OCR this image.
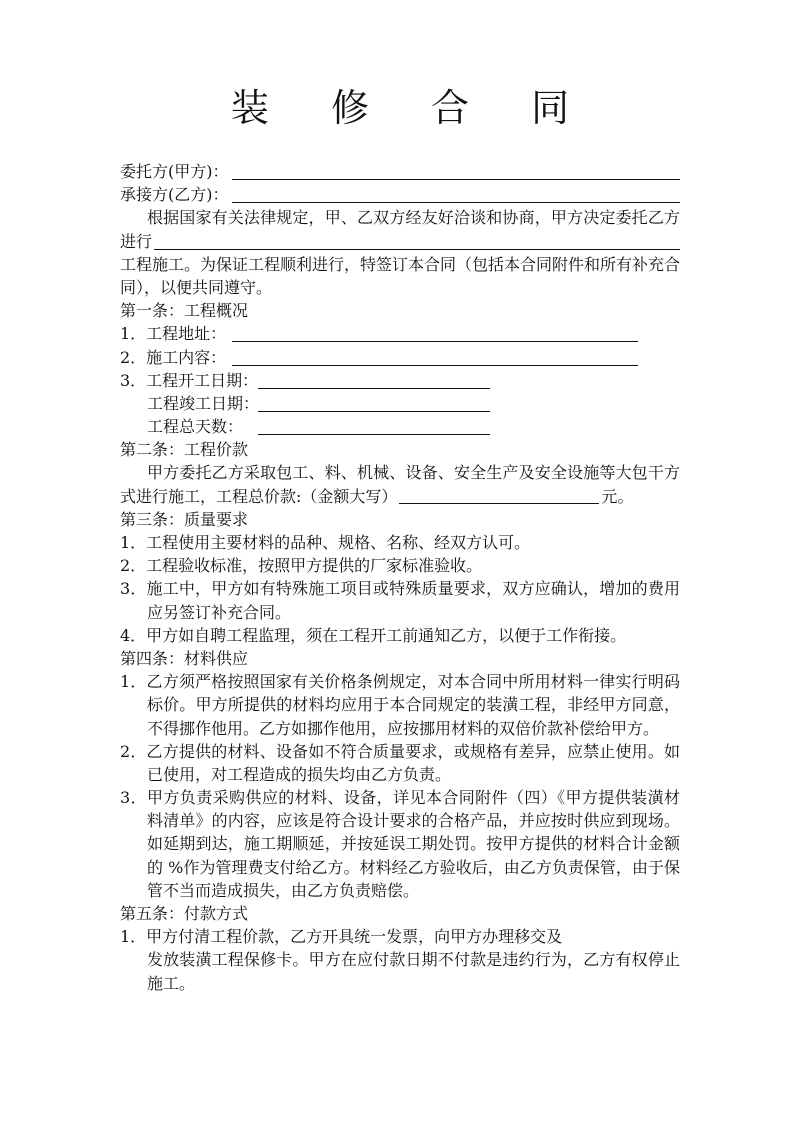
装 修 合 同
委托方(甲方)：
承接方(乙方)：
根据国家有关法律规定，甲、乙双方经友好洽谈和协商，甲方决定委托乙方
进行
工程施工。为保证工程顺利进行，特签订本合同（包括本合同附件和所有补充合
同），以便共同遵守。
第一条：工程概况
1．工程地址：
2．施工内容：
3．工程开工日期：
工程竣工日期：
工程总天数：
第二条：工程价款
甲方委托乙方采取包工、料、机械、设备、安全生产及安全设施等大包干方
式进行施工，工程总价款:（金额大写）	元。
第三条：质量要求
1．工程使用主要材料的品种、规格、名称、经双方认可。
2．工程验收标准，按照甲方提供的厂家标准验收。
3．施工中，甲方如有特殊施工项目或特殊质量要求，双方应确认，增加的费用
应另签订补充合同。
4．甲方如自聘工程监理，须在工程开工前通知乙方，以便于工作衔接。
第四条：材料供应
1．乙方须严格按照国家有关价格条例规定，对本合同中所用材料一律实行明码
标价。甲方所提供的材料均应用于本合同规定的装潢工程，非经甲方同意，
不得挪作他用。乙方如挪作他用，应按挪用材料的双倍价款补偿给甲方。
2．乙方提供的材料、设备如不符合质量要求，或规格有差异，应禁止使用。如
已使用，对工程造成的损失均由乙方负责。
3．甲方负责采购供应的材料、设备，详见本合同附件（四）《甲方提供装潢材
料清单》的内容，应该是符合设计要求的合格产品，并应按时供应到现场。
如延期到达，施工期顺延，并按延误工期处罚。按甲方提供的材料合计金额
的 %作为管理费支付给乙方。材料经乙方验收后，由乙方负责保管，由于保
管不当而造成损失，由乙方负责赔偿。
第五条：付款方式
1．甲方付清工程价款，乙方开具统一发票，向甲方办理移交及
发放装潢工程保修卡。甲方在应付款日期不付款是违约行为，乙方有权停止
施工。
